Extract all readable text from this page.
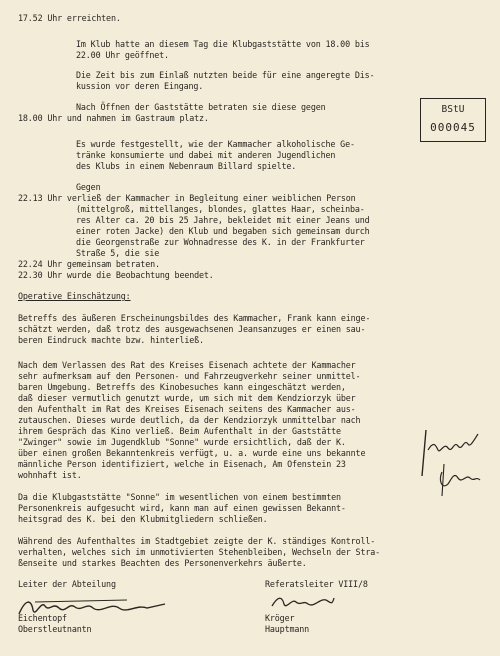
BStU
000045
17.52 Uhr erreichten.
Im Klub hatte an diesem Tag die Klubgaststätte von 18.00 bis
22.00 Uhr geöffnet.
Die Zeit bis zum Einlaß nutzten beide für eine angeregte Dis-
kussion vor deren Eingang.
Nach Öffnen der Gaststätte betraten sie diese gegen
18.00 Uhr und nahmen im Gastraum platz.
Es wurde festgestellt, wie der Kammacher alkoholische Ge-
tränke konsumierte und dabei mit anderen Jugendlichen
des Klubs in einem Nebenraum Billard spielte.
Gegen
22.13 Uhr verließ der Kammacher in Begleitung einer weiblichen Person
(mittelgroß, mittellanges, blondes, glattes Haar, scheinba-
res Alter ca. 20 bis 25 Jahre, bekleidet mit einer Jeans und
einer roten Jacke) den Klub und begaben sich gemeinsam durch
die Georgenstraße zur Wohnadresse des K. in der Frankfurter
Straße 5, die sie
22.24 Uhr gemeinsam betraten.
22.30 Uhr wurde die Beobachtung beendet.
Operative Einschätzung:
Betreffs des äußeren Erscheinungsbildes des Kammacher, Frank kann einge-
schätzt werden, daß trotz des ausgewachsenen Jeansanzuges er einen sau-
beren Eindruck machte bzw. hinterließ.
Nach dem Verlassen des Rat des Kreises Eisenach achtete der Kammacher
sehr aufmerksam auf den Personen- und Fahrzeugverkehr seiner unmittel-
baren Umgebung. Betreffs des Kinobesuches kann eingeschätzt werden,
daß dieser vermutlich genutzt wurde, um sich mit dem Kendziorzyk über
den Aufenthalt im Rat des Kreises Eisenach seitens des Kammacher aus-
zutauschen. Dieses wurde deutlich, da der Kendziorzyk unmittelbar nach
ihrem Gespräch das Kino verließ. Beim Aufenthalt in der Gaststätte
"Zwinger" sowie im Jugendklub "Sonne" wurde ersichtlich, daß der K.
über einen großen Bekanntenkreis verfügt, u. a. wurde eine uns bekannte
männliche Person identifiziert, welche in Eisenach, Am Ofenstein 23
wohnhaft ist.
Da die Klubgaststätte "Sonne" im wesentlichen von einem bestimmten
Personenkreis aufgesucht wird, kann man auf einen gewissen Bekannt-
heitsgrad des K. bei den Klubmitgliedern schließen.
Während des Aufenthaltes im Stadtgebiet zeigte der K. ständiges Kontroll-
verhalten, welches sich im unmotivierten Stehenbleiben, Wechseln der Stra-
ßenseite und starkes Beachten des Personenverkehrs äußerte.
Leiter der Abteilung	Referatsleiter VIII/8
Eichentopf
Oberstleutnantn
Kröger
Hauptmann
